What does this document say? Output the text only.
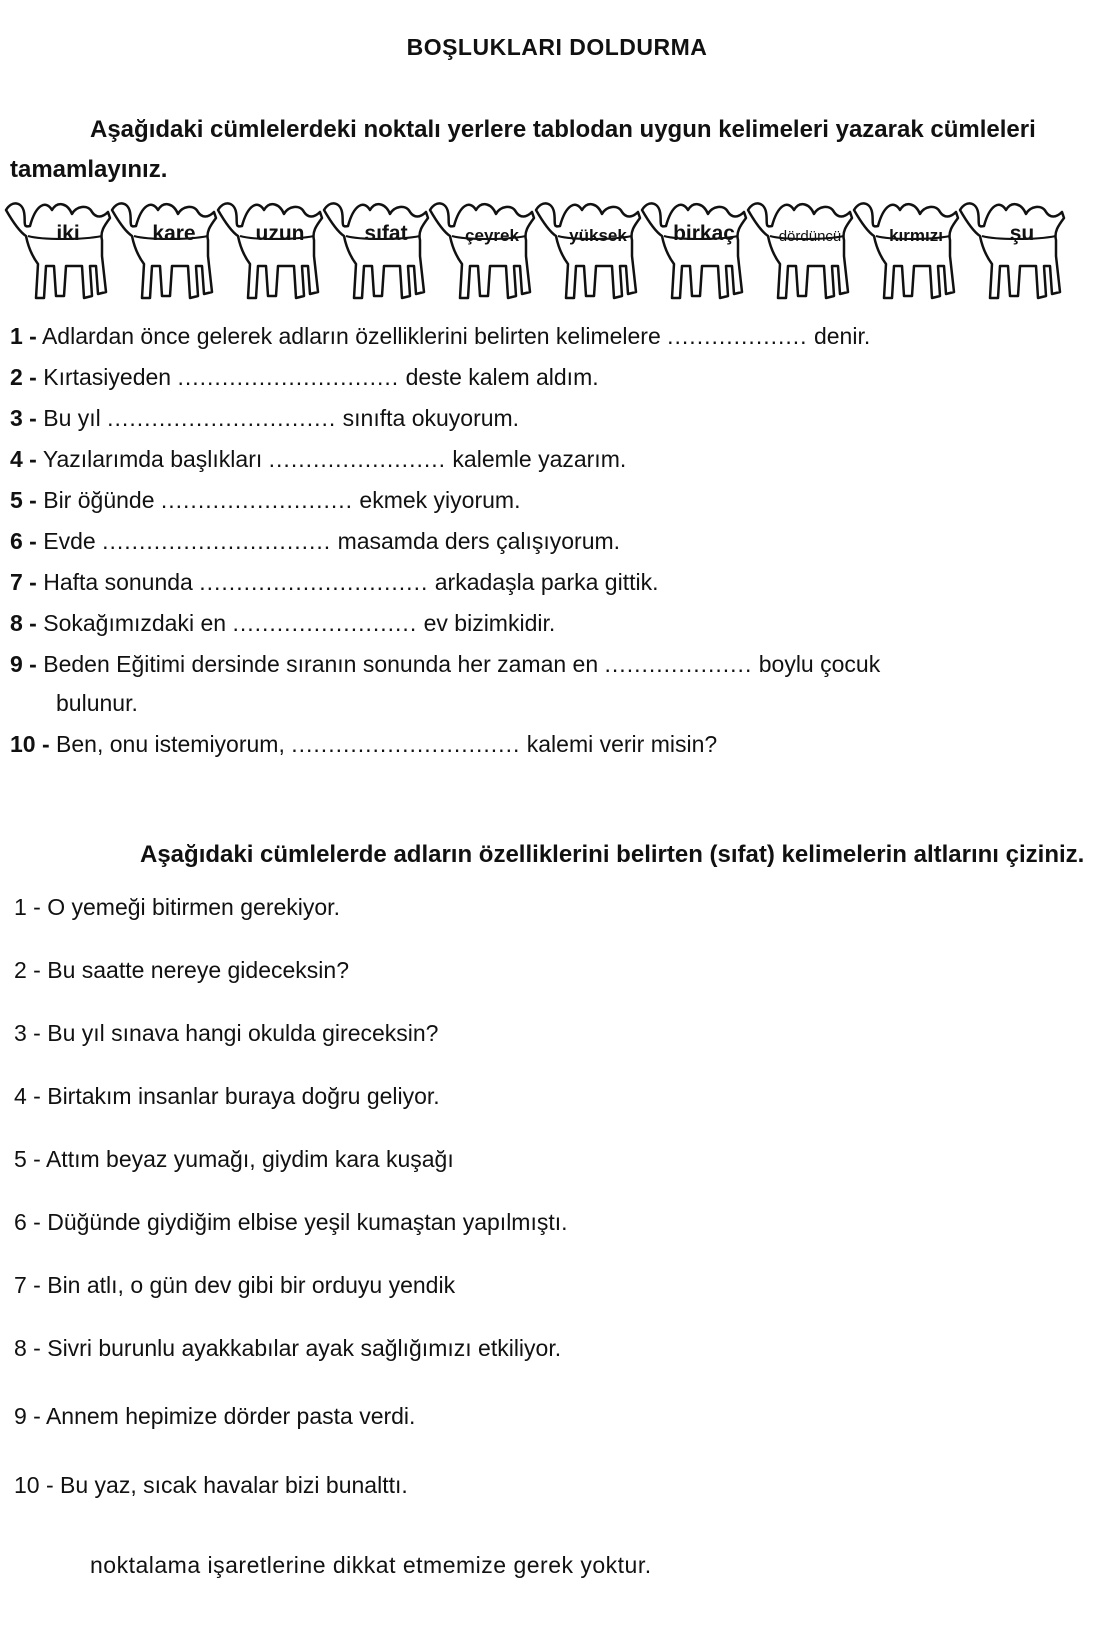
BOŞLUKLARI DOLDURMA
Aşağıdaki cümlelerdeki noktalı yerlere tablodan uygun kelimeleri yazarak cümleleri tamamlayınız.
iki	kare	uzun	sıfat	çeyrek	yüksek	birkaç	dördüncü	kırmızı	şu
1 - Adlardan önce gelerek adların özelliklerini belirten kelimelere ................... denir.
2 - Kırtasiyeden .............................. deste kalem aldım.
3 - Bu yıl ............................... sınıfta okuyorum.
4 - Yazılarımda başlıkları ........................ kalemle yazarım.
5 - Bir öğünde .......................... ekmek yiyorum.
6 - Evde ............................... masamda ders çalışıyorum.
7 - Hafta sonunda ............................... arkadaşla parka gittik.
8 - Sokağımızdaki en ......................... ev bizimkidir.
9 - Beden Eğitimi dersinde sıranın sonunda her zaman en .................... boylu çocuk
bulunur.
10 - Ben, onu istemiyorum, ............................... kalemi verir misin?
Aşağıdaki cümlelerde adların özelliklerini belirten (sıfat) kelimelerin altlarını çiziniz.
1 - O yemeği bitirmen gerekiyor.
2 - Bu saatte nereye gideceksin?
3 - Bu yıl sınava hangi okulda gireceksin?
4 - Birtakım insanlar buraya doğru geliyor.
5 - Attım beyaz yumağı, giydim kara kuşağı
6 - Düğünde giydiğim elbise yeşil kumaştan yapılmıştı.
7 - Bin atlı, o gün dev gibi bir orduyu yendik
8 - Sivri burunlu ayakkabılar ayak sağlığımızı etkiliyor.
9 - Annem hepimize dörder pasta verdi.
10 - Bu yaz, sıcak havalar bizi bunalttı.
noktalama işaretlerine dikkat etmemize gerek yoktur.
